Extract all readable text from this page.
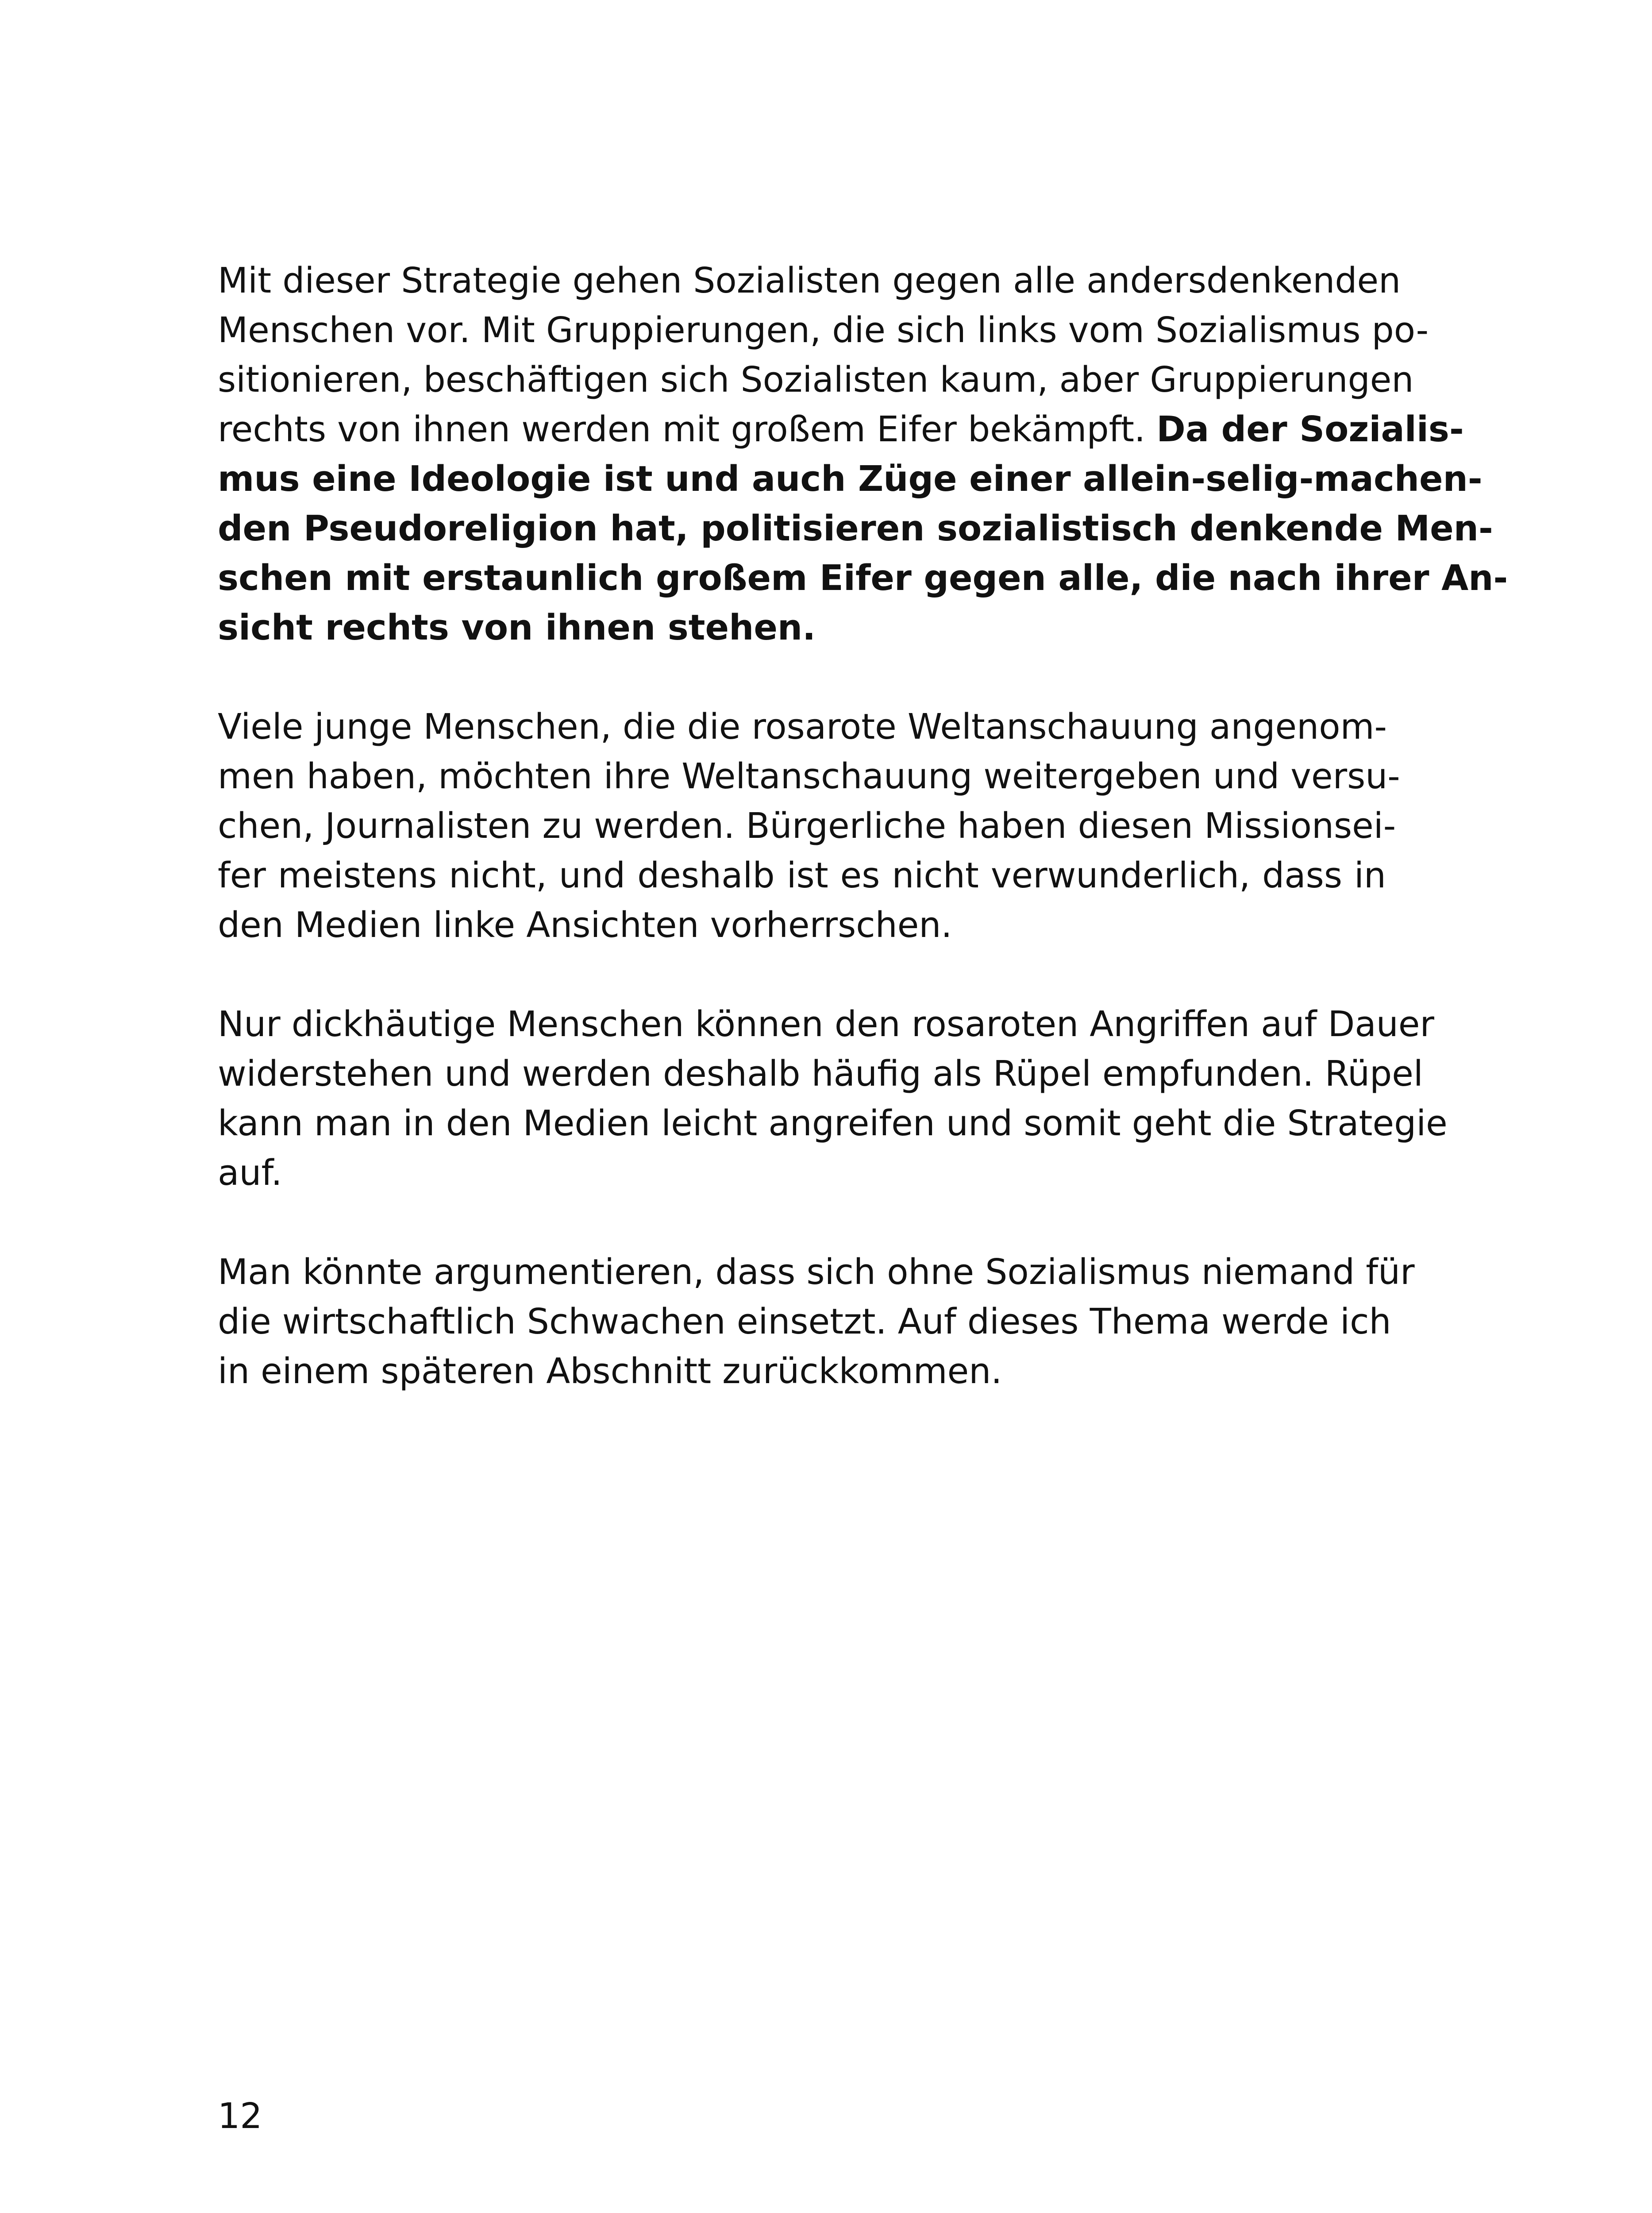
Mit dieser Strategie gehen Sozialisten gegen alle andersdenkenden
Menschen vor. Mit Gruppierungen, die sich links vom Sozialismus po-
sitionieren, beschäftigen sich Sozialisten kaum, aber Gruppierungen
rechts von ihnen werden mit großem Eifer bekämpft. Da der Sozialis-
mus eine Ideologie ist und auch Züge einer allein-selig-machen-
den Pseudoreligion hat, politisieren sozialistisch denkende Men-
schen mit erstaunlich großem Eifer gegen alle, die nach ihrer An-
sicht rechts von ihnen stehen.

Viele junge Menschen, die die rosarote Weltanschauung angenom-
men haben, möchten ihre Weltanschauung weitergeben und versu-
chen, Journalisten zu werden. Bürgerliche haben diesen Missionsei-
fer meistens nicht, und deshalb ist es nicht verwunderlich, dass in
den Medien linke Ansichten vorherrschen.

Nur dickhäutige Menschen können den rosaroten Angriffen auf Dauer
widerstehen und werden deshalb häufig als Rüpel empfunden. Rüpel
kann man in den Medien leicht angreifen und somit geht die Strategie
auf.

Man könnte argumentieren, dass sich ohne Sozialismus niemand für
die wirtschaftlich Schwachen einsetzt. Auf dieses Thema werde ich
in einem späteren Abschnitt zurückkommen.

12
